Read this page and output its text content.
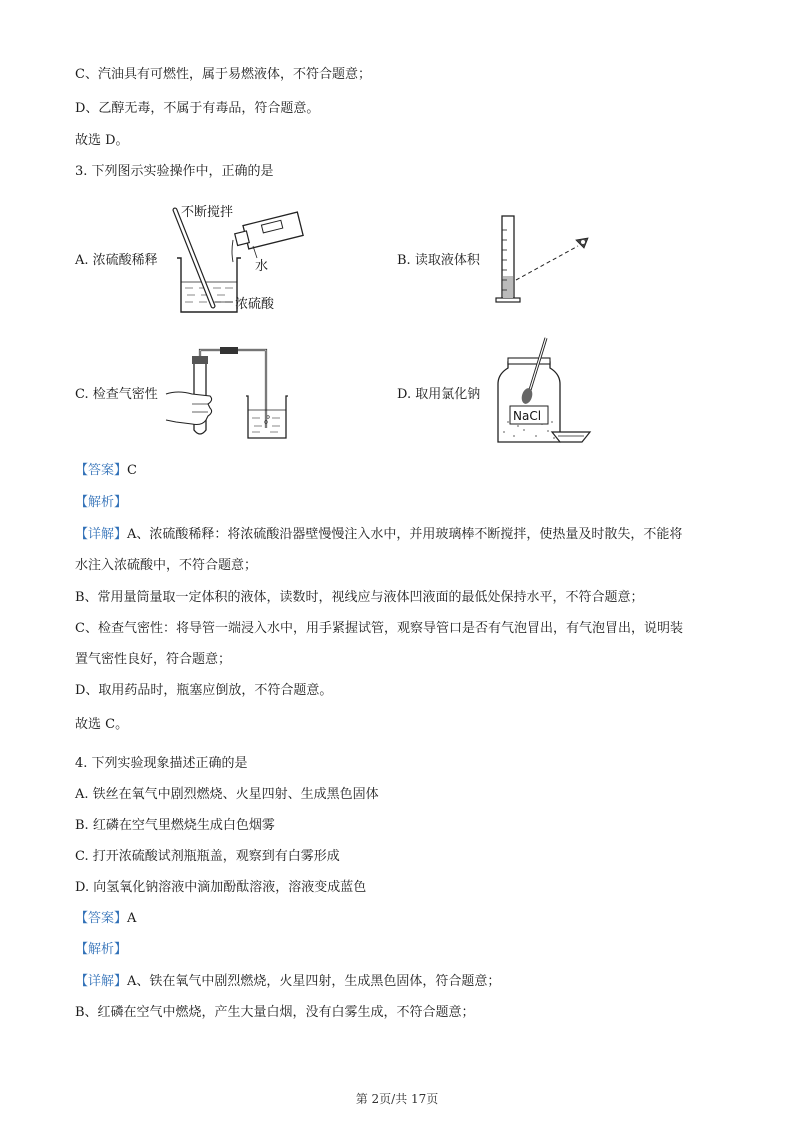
C、汽油具有可燃性，属于易燃液体，不符合题意；
D、乙醇无毒，不属于有毒品，符合题意。
故选 D。
3. 下列图示实验操作中，正确的是
A. 浓硫酸稀释	B. 读取液体积
C. 检查气密性	D. 取用氯化钠
不断搅拌
水
浓硫酸
NaCl
【答案】C
【解析】
【详解】A、浓硫酸稀释：将浓硫酸沿器壁慢慢注入水中，并用玻璃棒不断搅拌，使热量及时散失，不能将
水注入浓硫酸中，不符合题意；
B、常用量筒量取一定体积的液体，读数时，视线应与液体凹液面的最低处保持水平，不符合题意；
C、检查气密性：将导管一端浸入水中，用手紧握试管，观察导管口是否有气泡冒出，有气泡冒出，说明装
置气密性良好，符合题意；
D、取用药品时，瓶塞应倒放，不符合题意。
故选 C。
4. 下列实验现象描述正确的是
A. 铁丝在氧气中剧烈燃烧、火星四射、生成黑色固体
B. 红磷在空气里燃烧生成白色烟雾
C. 打开浓硫酸试剂瓶瓶盖，观察到有白雾形成
D. 向氢氧化钠溶液中滴加酚酞溶液，溶液变成蓝色
【答案】A
【解析】
【详解】A、铁在氧气中剧烈燃烧，火星四射，生成黑色固体，符合题意；
B、红磷在空气中燃烧，产生大量白烟，没有白雾生成，不符合题意；
第 2页/共 17页
